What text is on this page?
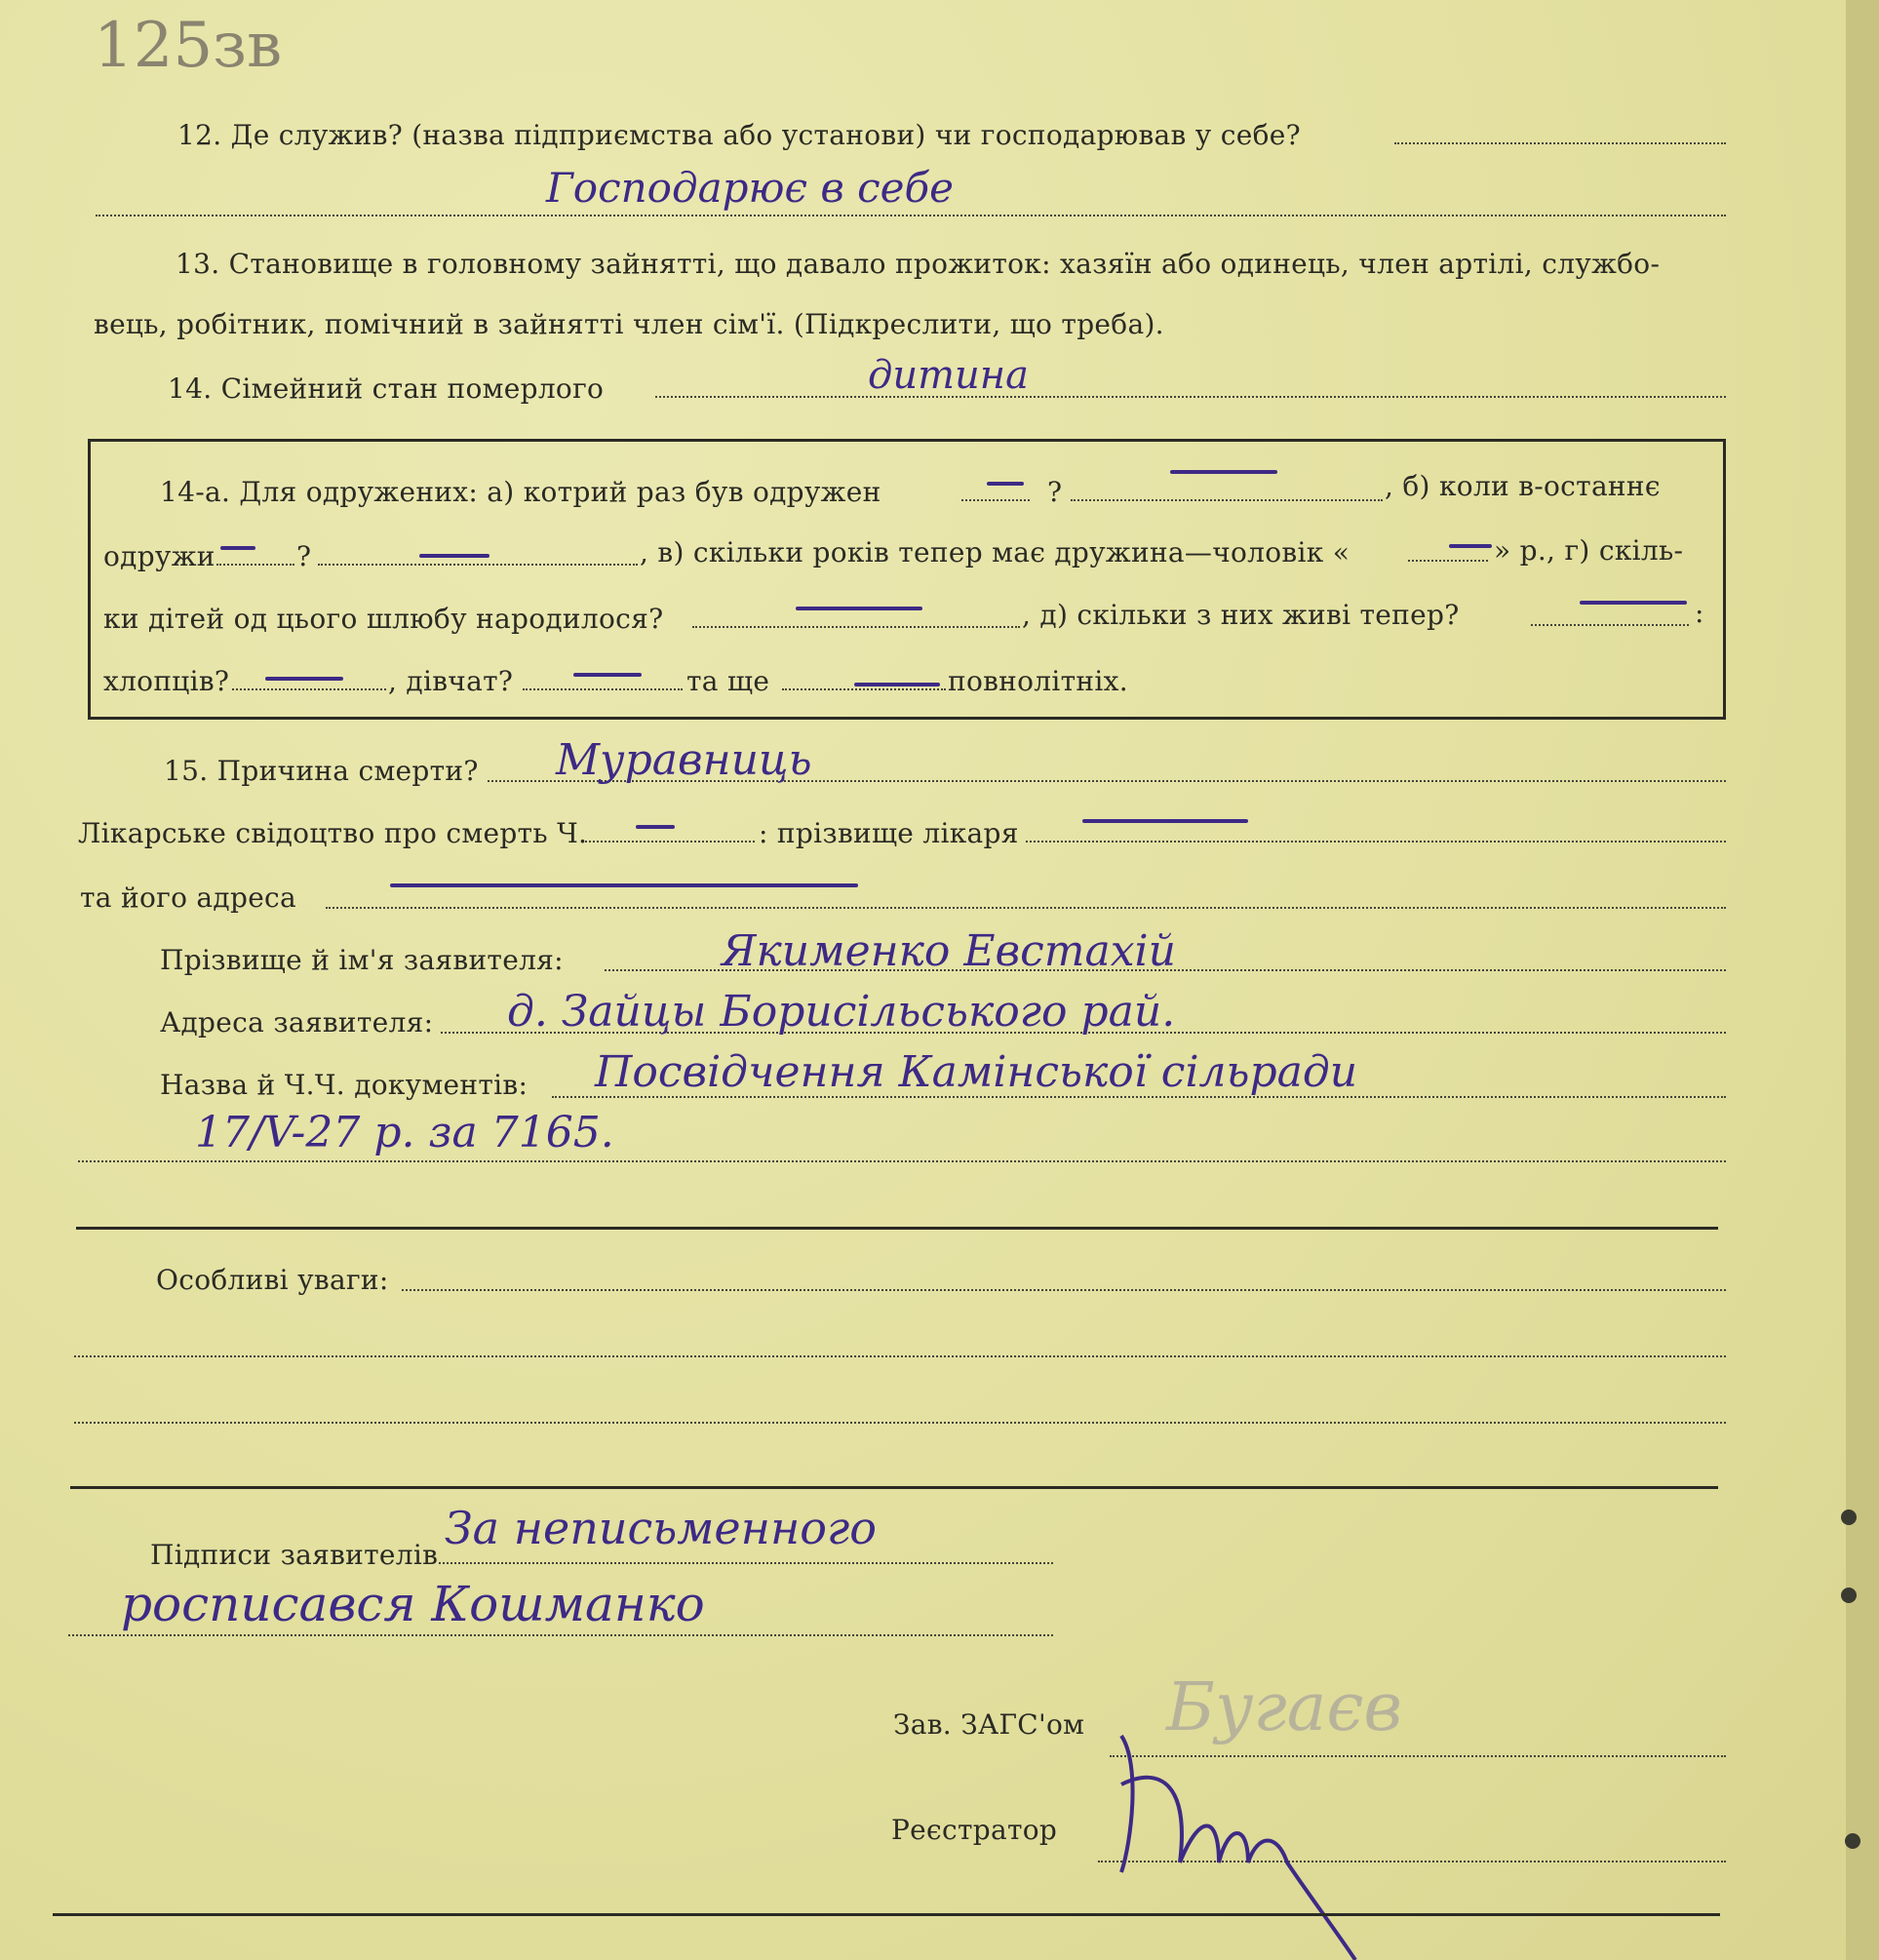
125зв
12. Де служив? (назва підприємства або установи) чи господарював у себе?
Господарює в себе
13. Становище в головному зайнятті, що давало прожиток: хазяїн або одинець, член артілі, службо-
вець, робітник, помічний в зайнятті член сім'ї. (Підкреслити, що треба).
14. Сімейний стан померлого	дитина
14-а. Для одружених: а) котрий раз був одружен	?	, б) коли в-останнє
одружи	?	, в) скільки років тепер має дружина—чоловік «	» р., г) скіль-
ки дітей од цього шлюбу народилося?	, д) скільки з них живі тепер?	:
хлопців?	, дівчат?	та ще	повнолітніх.
15. Причина смерти? Муравниць
Лікарське свідоцтво про смерть Ч.	: прізвище лікаря
та його адреса
Прізвище й ім'я заявителя:	Якименко Евстахій
Адреса заявителя: д. Зайцы Борисільського рай.
Назва й Ч.Ч. документів: Посвідчення Камінської сільради
17/V-27 р. за 7165.
Особливі уваги:
Підписи заявителів
За неписьменного
росписався Кошманко
Зав. ЗАГС'ом Бугаєв
Реєстратор
